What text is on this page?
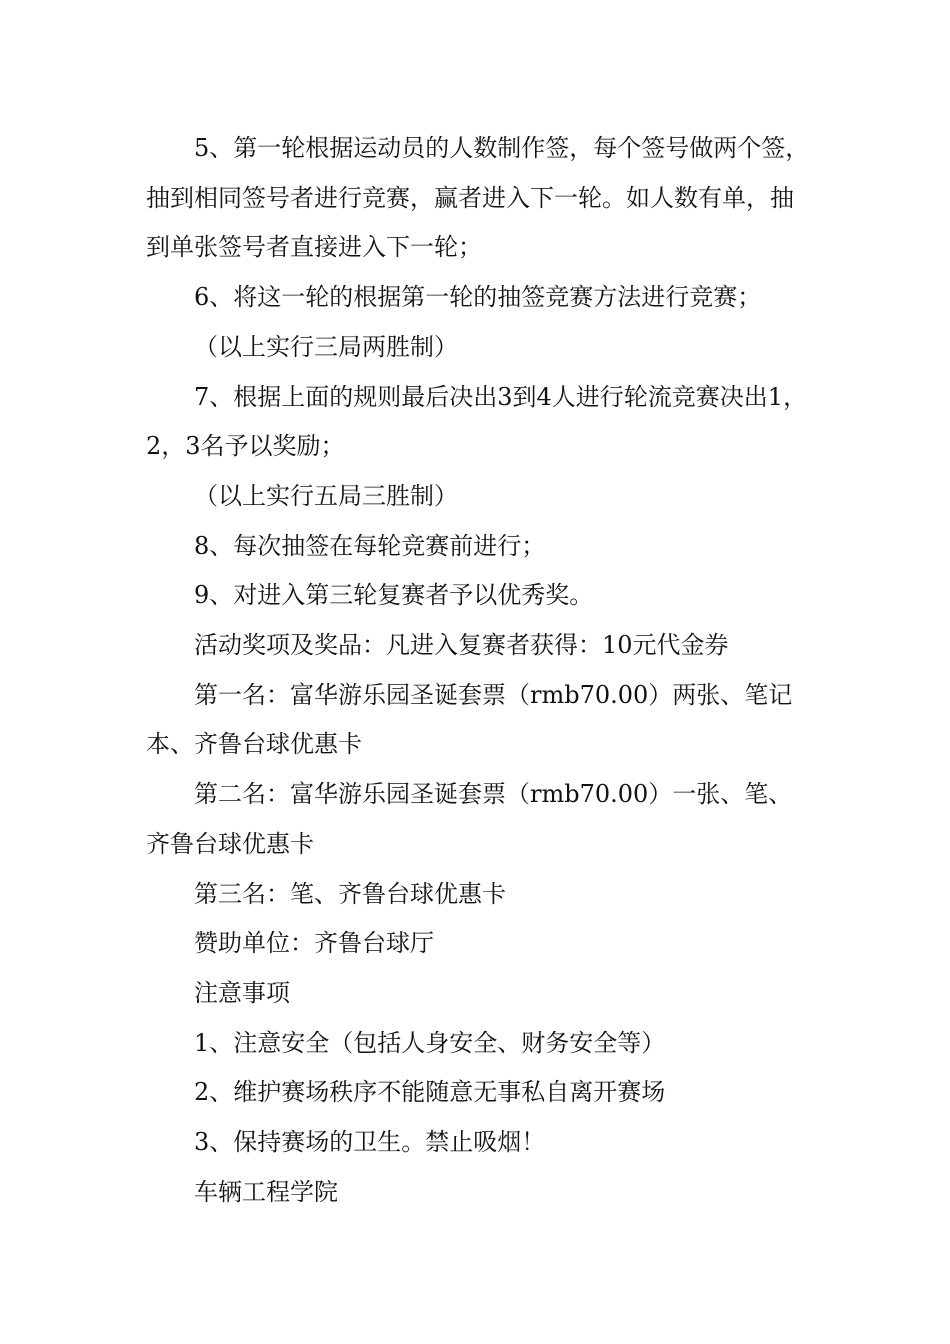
5、第一轮根据运动员的人数制作签，每个签号做两个签，抽到相同签号者进行竞赛，赢者进入下一轮。如人数有单，抽到单张签号者直接进入下一轮；

6、将这一轮的根据第一轮的抽签竞赛方法进行竞赛；

（以上实行三局两胜制）

7、根据上面的规则最后决出3到4人进行轮流竞赛决出1，2，3名予以奖励；

（以上实行五局三胜制）

8、每次抽签在每轮竞赛前进行；

9、对进入第三轮复赛者予以优秀奖。

活动奖项及奖品：凡进入复赛者获得：10元代金券

第一名：富华游乐园圣诞套票（rmb70.00）两张、笔记本、齐鲁台球优惠卡

第二名：富华游乐园圣诞套票（rmb70.00）一张、笔、齐鲁台球优惠卡

第三名：笔、齐鲁台球优惠卡

赞助单位：齐鲁台球厅

注意事项

1、注意安全（包括人身安全、财务安全等）

2、维护赛场秩序不能随意无事私自离开赛场

3、保持赛场的卫生。禁止吸烟！

车辆工程学院
